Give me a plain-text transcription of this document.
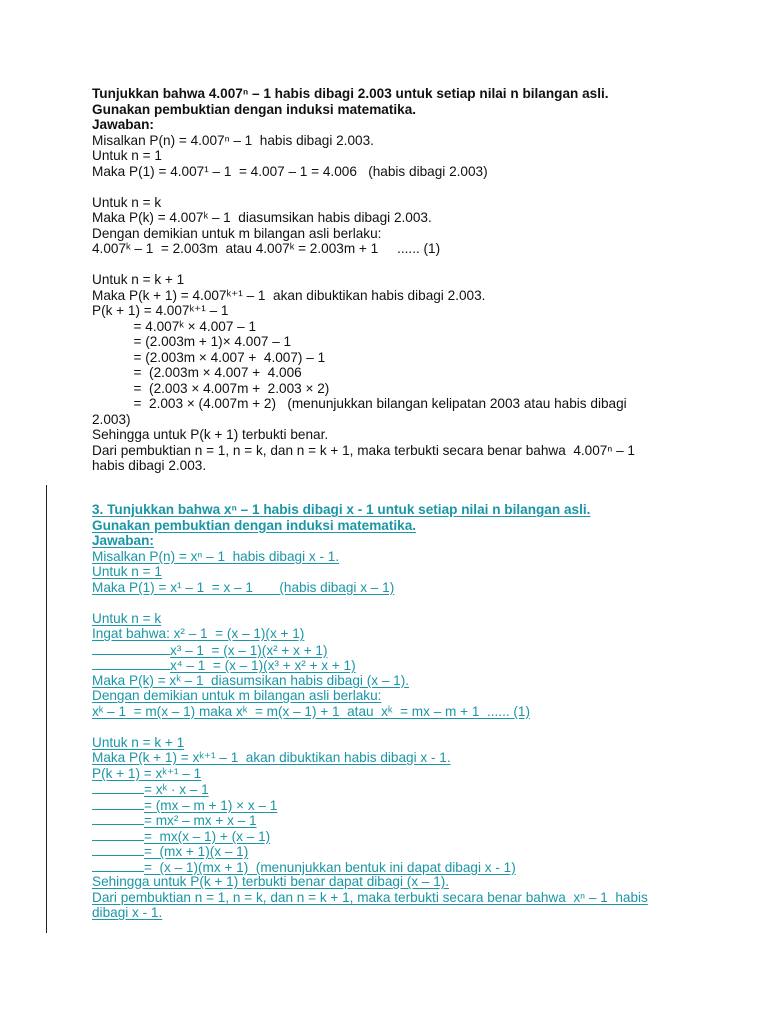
Tunjukkan bahwa 4.007ⁿ – 1 habis dibagi 2.003 untuk setiap nilai n bilangan asli.
Gunakan pembuktian dengan induksi matematika.
Jawaban:
Misalkan P(n) = 4.007ⁿ – 1  habis dibagi 2.003.
Untuk n = 1
Maka P(1) = 4.007¹ – 1  = 4.007 – 1 = 4.006   (habis dibagi 2.003)
Untuk n = k
Maka P(k) = 4.007ᵏ – 1  diasumsikan habis dibagi 2.003.
Dengan demikian untuk m bilangan asli berlaku:
4.007ᵏ – 1  = 2.003m  atau 4.007ᵏ = 2.003m + 1     ...... (1)
Untuk n = k + 1
Maka P(k + 1) = 4.007ᵏ⁺¹ – 1  akan dibuktikan habis dibagi 2.003.
P(k + 1) = 4.007ᵏ⁺¹ – 1
= 4.007ᵏ × 4.007 – 1
= (2.003m + 1)× 4.007 – 1
= (2.003m × 4.007 +  4.007) – 1
=  (2.003m × 4.007 +  4.006
=  (2.003 × 4.007m +  2.003 × 2)
=  2.003 × (4.007m + 2)   (menunjukkan bilangan kelipatan 2003 atau habis dibagi
2.003)
Sehingga untuk P(k + 1) terbukti benar.
Dari pembuktian n = 1, n = k, dan n = k + 1, maka terbukti secara benar bahwa  4.007ⁿ – 1
habis dibagi 2.003.
3. Tunjukkan bahwa xⁿ – 1 habis dibagi x - 1 untuk setiap nilai n bilangan asli.
Gunakan pembuktian dengan induksi matematika.
Jawaban:
Misalkan P(n) = xⁿ – 1  habis dibagi x - 1.
Untuk n = 1
Maka P(1) = x¹ – 1  = x – 1       (habis dibagi x – 1)
Untuk n = k
Ingat bahwa: x² – 1  = (x – 1)(x + 1)
x³ – 1  = (x – 1)(x² + x + 1)
x⁴ – 1  = (x – 1)(x³ + x² + x + 1)
Maka P(k) = xᵏ – 1  diasumsikan habis dibagi (x – 1).
Dengan demikian untuk m bilangan asli berlaku:
xᵏ – 1  = m(x – 1) maka xᵏ  = m(x – 1) + 1  atau  xᵏ  = mx – m + 1  ...... (1)
Untuk n = k + 1
Maka P(k + 1) = xᵏ⁺¹ – 1  akan dibuktikan habis dibagi x - 1.
P(k + 1) = xᵏ⁺¹ – 1
= xᵏ · x – 1
= (mx – m + 1) × x – 1
= mx² – mx + x – 1
=  mx(x – 1) + (x – 1)
=  (mx + 1)(x – 1)
=  (x – 1)(mx + 1)  (menunjukkan bentuk ini dapat dibagi x - 1)
Sehingga untuk P(k + 1) terbukti benar dapat dibagi (x – 1).
Dari pembuktian n = 1, n = k, dan n = k + 1, maka terbukti secara benar bahwa  xⁿ – 1  habis
dibagi x - 1.
